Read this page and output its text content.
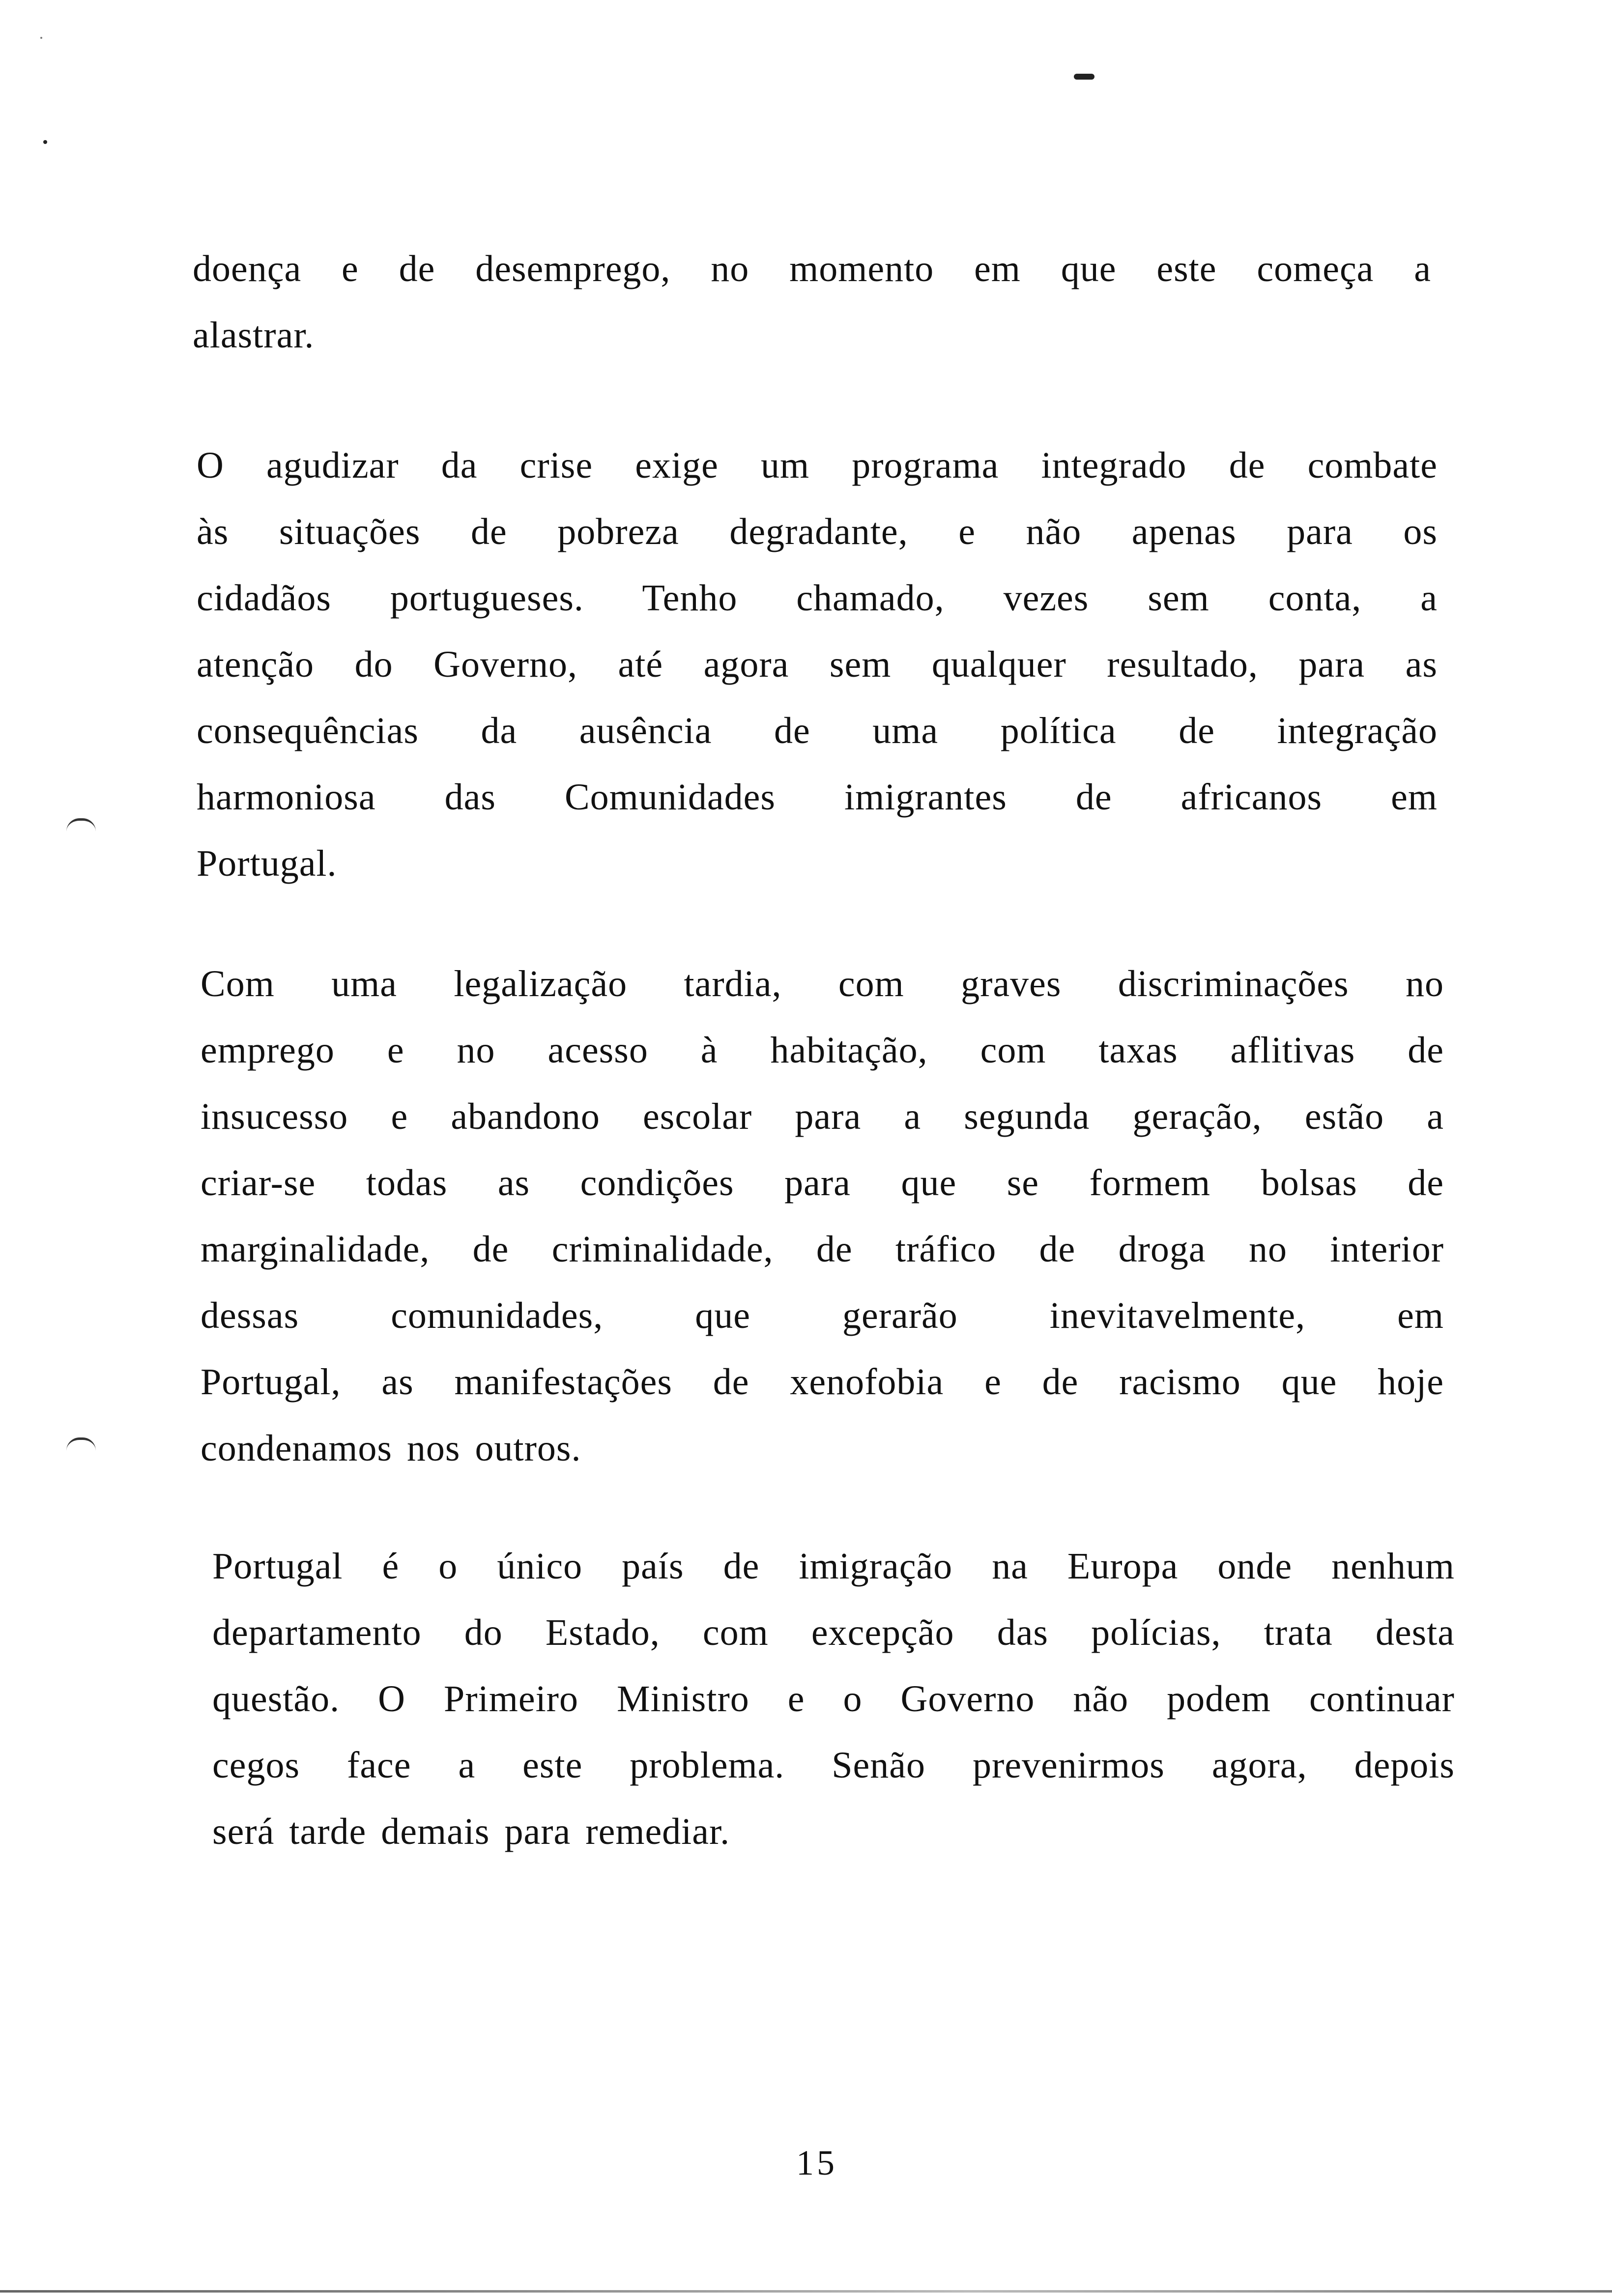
doença e de desemprego, no momento em que este começa a
alastrar.

O agudizar da crise exige um programa integrado de combate
às situações de pobreza degradante, e não apenas para os
cidadãos portugueses. Tenho chamado, vezes sem conta, a
atenção do Governo, até agora sem qualquer resultado, para as
consequências da ausência de uma política de integração
harmoniosa das Comunidades imigrantes de africanos em
Portugal.

Com uma legalização tardia, com graves discriminações no
emprego e no acesso à habitação, com taxas aflitivas de
insucesso e abandono escolar para a segunda geração, estão a
criar-se todas as condições para que se formem bolsas de
marginalidade, de criminalidade, de tráfico de droga no interior
dessas comunidades, que gerarão inevitavelmente, em
Portugal, as manifestações de xenofobia e de racismo que hoje
condenamos nos outros.

Portugal é o único país de imigração na Europa onde nenhum
departamento do Estado, com excepção das polícias, trata desta
questão. O Primeiro Ministro e o Governo não podem continuar
cegos face a este problema. Senão prevenirmos agora, depois
será tarde demais para remediar.

15
